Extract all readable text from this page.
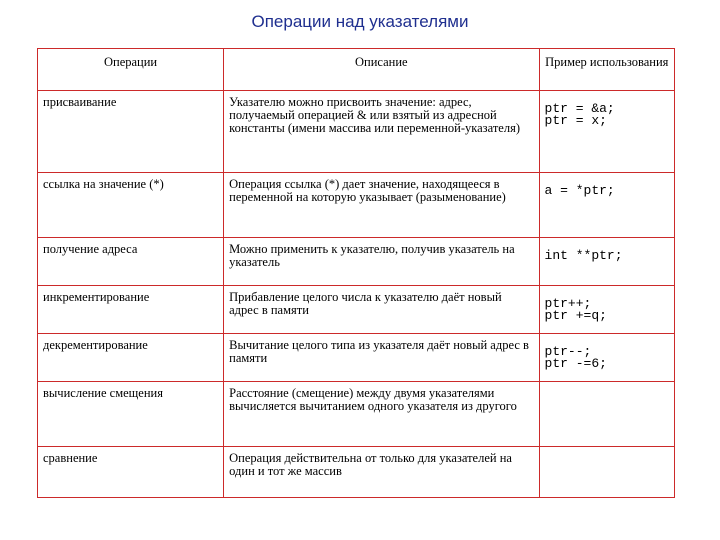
Операции над указателями
Операции	Описание	Пример использования
присваивание	Указателю можно присвоить значение: адрес, получаемый операцией & или взятый из адресной константы (имени массива или переменной-указателя)	ptr = &a;
ptr = x;
ссылка на значение (*)	Операция ссылка (*) дает значение, находящееся в переменной на которую указывает (разыменование)	a = *ptr;
получение адреса	Можно применить к указателю, получив указатель на указатель	int **ptr;
инкрементирование	Прибавление целого числа к указателю даёт новый адрес в памяти	ptr++;
ptr +=q;
декрементирование	Вычитание целого типа из указателя даёт новый адрес в памяти	ptr--;
ptr -=6;
вычисление смещения	Расстояние (смещение) между двумя указателями вычисляется вычитанием одного указателя из другого	
сравнение	Операция действительна от только для указателей на один и тот же массив	
